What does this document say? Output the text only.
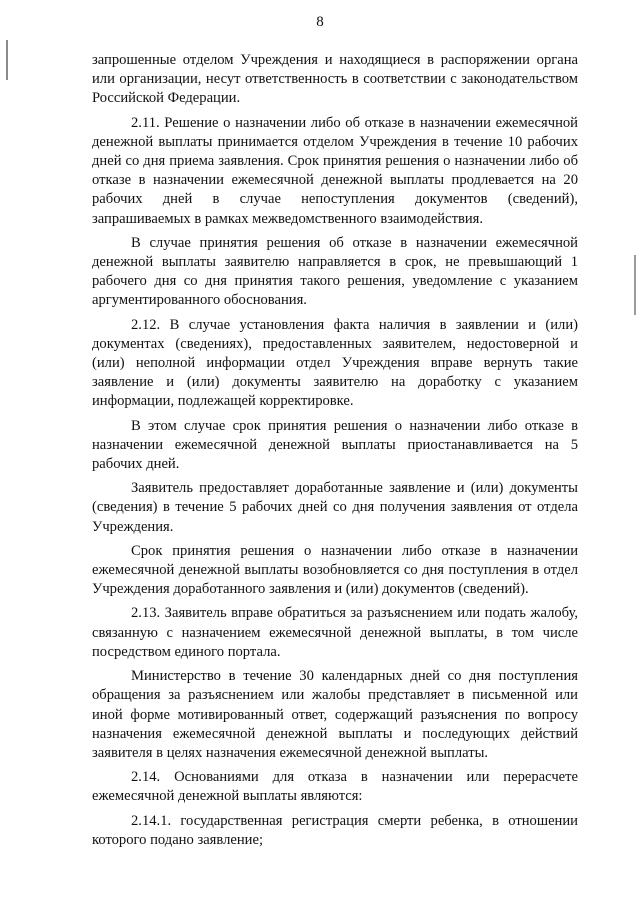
8

запрошенные отделом Учреждения и находящиеся в распоряжении органа или организации, несут ответственность в соответствии с законодательством Российской Федерации.

2.11. Решение о назначении либо об отказе в назначении ежемесячной денежной выплаты принимается отделом Учреждения в течение 10 рабочих дней со дня приема заявления. Срок принятия решения о назначении либо об отказе в назначении ежемесячной денежной выплаты продлевается на 20 рабочих дней в случае непоступления документов (сведений), запрашиваемых в рамках межведомственного взаимодействия.

В случае принятия решения об отказе в назначении ежемесячной денежной выплаты заявителю направляется в срок, не превышающий 1 рабочего дня со дня принятия такого решения, уведомление с указанием аргументированного обоснования.

2.12. В случае установления факта наличия в заявлении и (или) документах (сведениях), предоставленных заявителем, недостоверной и (или) неполной информации отдел Учреждения вправе вернуть такие заявление и (или) документы заявителю на доработку с указанием информации, подлежащей корректировке.

В этом случае срок принятия решения о назначении либо отказе в назначении ежемесячной денежной выплаты приостанавливается на 5 рабочих дней.

Заявитель предоставляет доработанные заявление и (или) документы (сведения) в течение 5 рабочих дней со дня получения заявления от отдела Учреждения.

Срок принятия решения о назначении либо отказе в назначении ежемесячной денежной выплаты возобновляется со дня поступления в отдел Учреждения доработанного заявления и (или) документов (сведений).

2.13. Заявитель вправе обратиться за разъяснением или подать жалобу, связанную с назначением ежемесячной денежной выплаты, в том числе посредством единого портала.

Министерство в течение 30 календарных дней со дня поступления обращения за разъяснением или жалобы представляет в письменной или иной форме мотивированный ответ, содержащий разъяснения по вопросу назначения ежемесячной денежной выплаты и последующих действий заявителя в целях назначения ежемесячной денежной выплаты.

2.14. Основаниями для отказа в назначении или перерасчете ежемесячной денежной выплаты являются:

2.14.1. государственная регистрация смерти ребенка, в отношении которого подано заявление;
